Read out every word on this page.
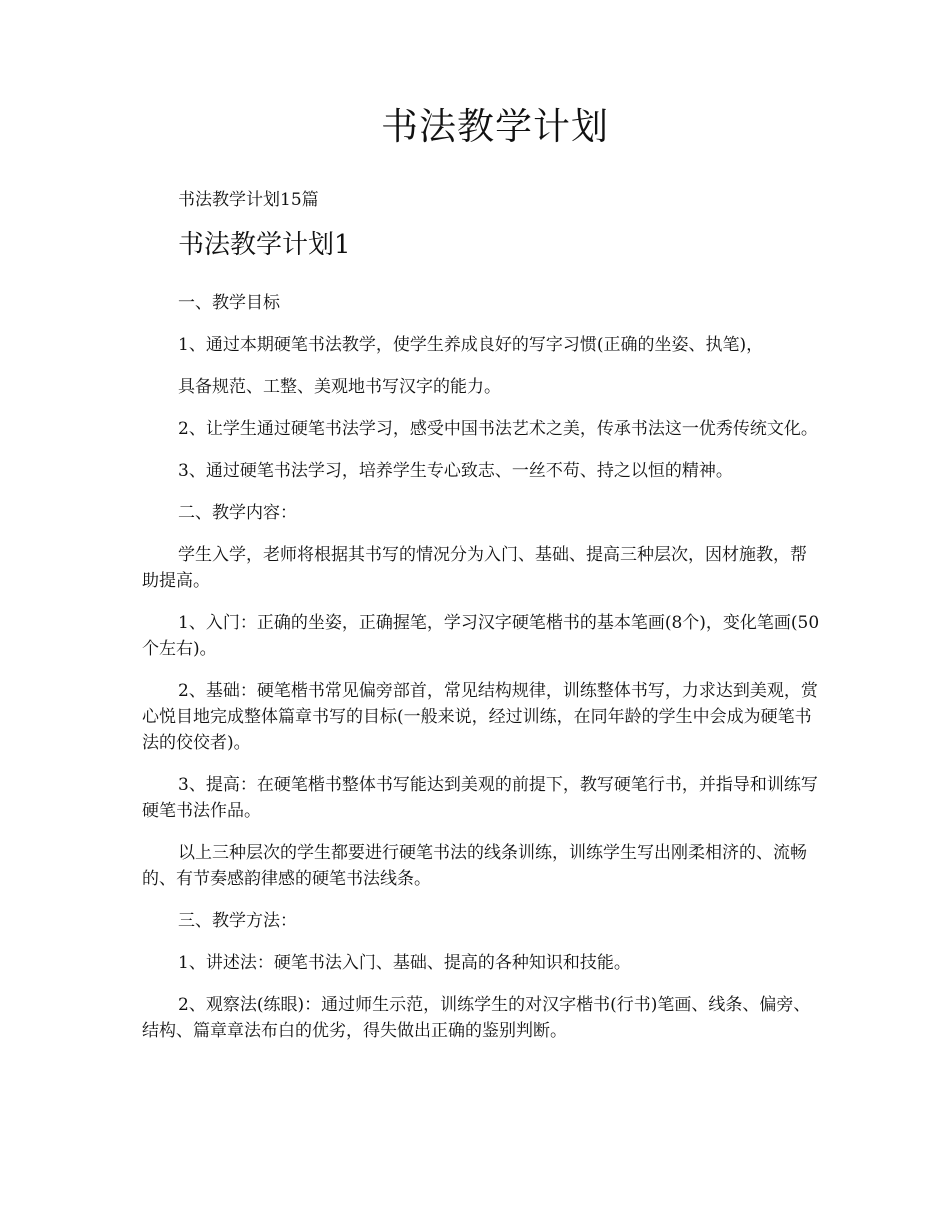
书法教学计划

书法教学计划15篇

书法教学计划1

一、教学目标

1、通过本期硬笔书法教学，使学生养成良好的写字习惯(正确的坐姿、执笔)，

具备规范、工整、美观地书写汉字的能力。

2、让学生通过硬笔书法学习，感受中国书法艺术之美，传承书法这一优秀传统文化。

3、通过硬笔书法学习，培养学生专心致志、一丝不苟、持之以恒的精神。

二、教学内容：

学生入学，老师将根据其书写的情况分为入门、基础、提高三种层次，因材施教，帮助提高。

1、入门：正确的坐姿，正确握笔，学习汉字硬笔楷书的基本笔画(8个)，变化笔画(50个左右)。

2、基础：硬笔楷书常见偏旁部首，常见结构规律，训练整体书写，力求达到美观，赏心悦目地完成整体篇章书写的目标(一般来说，经过训练，在同年龄的学生中会成为硬笔书法的佼佼者)。

3、提高：在硬笔楷书整体书写能达到美观的前提下，教写硬笔行书，并指导和训练写硬笔书法作品。

以上三种层次的学生都要进行硬笔书法的线条训练，训练学生写出刚柔相济的、流畅的、有节奏感韵律感的硬笔书法线条。

三、教学方法：

1、讲述法：硬笔书法入门、基础、提高的各种知识和技能。

2、观察法(练眼)：通过师生示范，训练学生的对汉字楷书(行书)笔画、线条、偏旁、结构、篇章章法布白的优劣，得失做出正确的鉴别判断。
